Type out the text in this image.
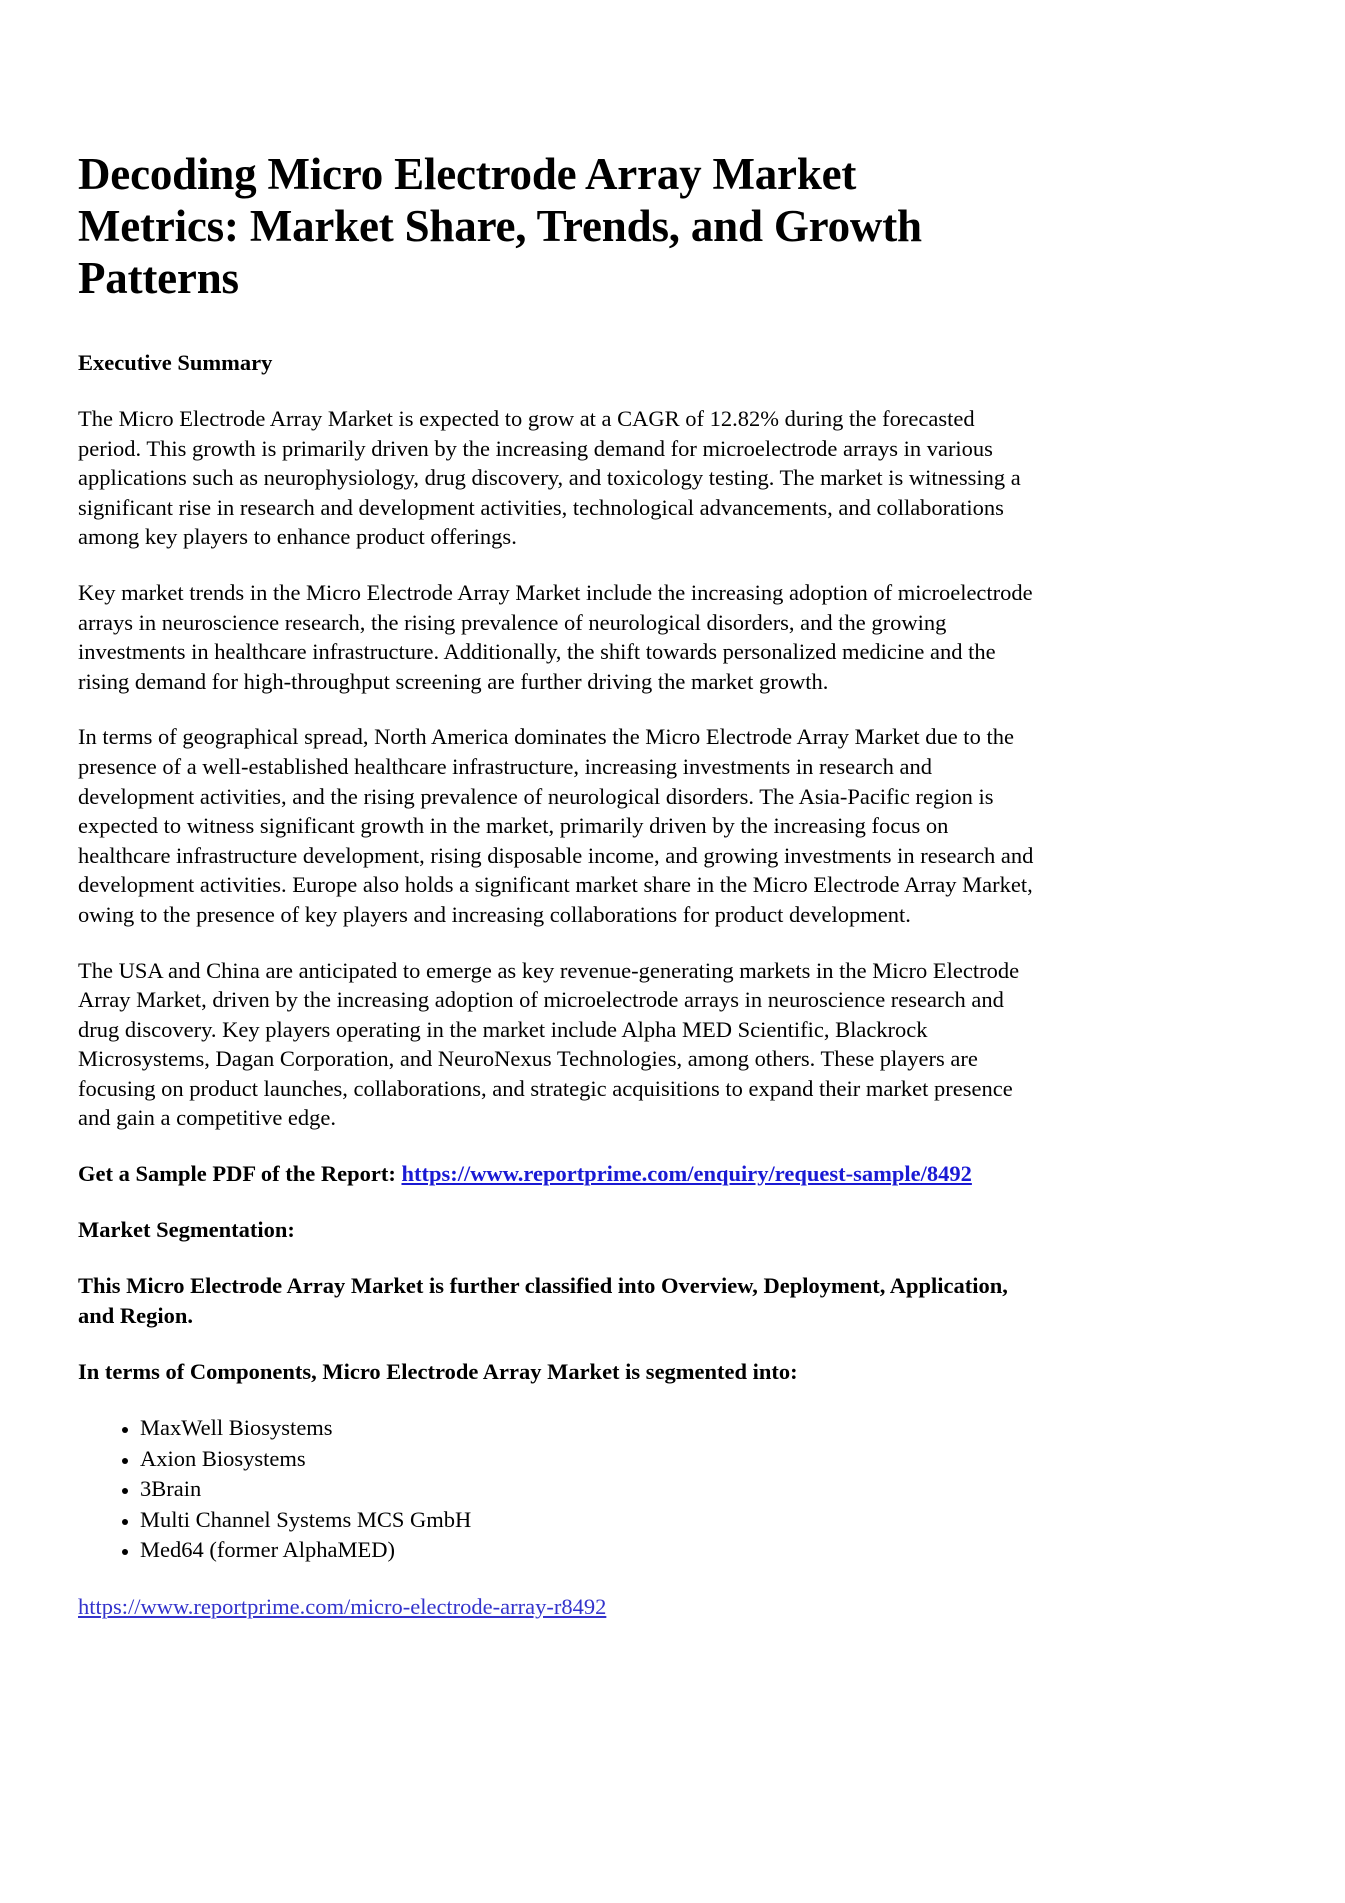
Decoding Micro Electrode Array Market Metrics: Market Share, Trends, and Growth Patterns
Executive Summary

The Micro Electrode Array Market is expected to grow at a CAGR of 12.82% during the forecasted period. This growth is primarily driven by the increasing demand for microelectrode arrays in various applications such as neurophysiology, drug discovery, and toxicology testing. The market is witnessing a significant rise in research and development activities, technological advancements, and collaborations among key players to enhance product offerings.

Key market trends in the Micro Electrode Array Market include the increasing adoption of microelectrode arrays in neuroscience research, the rising prevalence of neurological disorders, and the growing investments in healthcare infrastructure. Additionally, the shift towards personalized medicine and the rising demand for high-throughput screening are further driving the market growth.

In terms of geographical spread, North America dominates the Micro Electrode Array Market due to the presence of a well-established healthcare infrastructure, increasing investments in research and development activities, and the rising prevalence of neurological disorders. The Asia-Pacific region is expected to witness significant growth in the market, primarily driven by the increasing focus on healthcare infrastructure development, rising disposable income, and growing investments in research and development activities. Europe also holds a significant market share in the Micro Electrode Array Market, owing to the presence of key players and increasing collaborations for product development.

The USA and China are anticipated to emerge as key revenue-generating markets in the Micro Electrode Array Market, driven by the increasing adoption of microelectrode arrays in neuroscience research and drug discovery. Key players operating in the market include Alpha MED Scientific, Blackrock Microsystems, Dagan Corporation, and NeuroNexus Technologies, among others. These players are focusing on product launches, collaborations, and strategic acquisitions to expand their market presence and gain a competitive edge.

Get a Sample PDF of the Report: https://www.reportprime.com/enquiry/request-sample/8492

Market Segmentation:

This Micro Electrode Array Market is further classified into Overview, Deployment, Application, and Region.

In terms of Components, Micro Electrode Array Market is segmented into:

• MaxWell Biosystems
• Axion Biosystems
• 3Brain
• Multi Channel Systems MCS GmbH
• Med64 (former AlphaMED)

https://www.reportprime.com/micro-electrode-array-r8492
